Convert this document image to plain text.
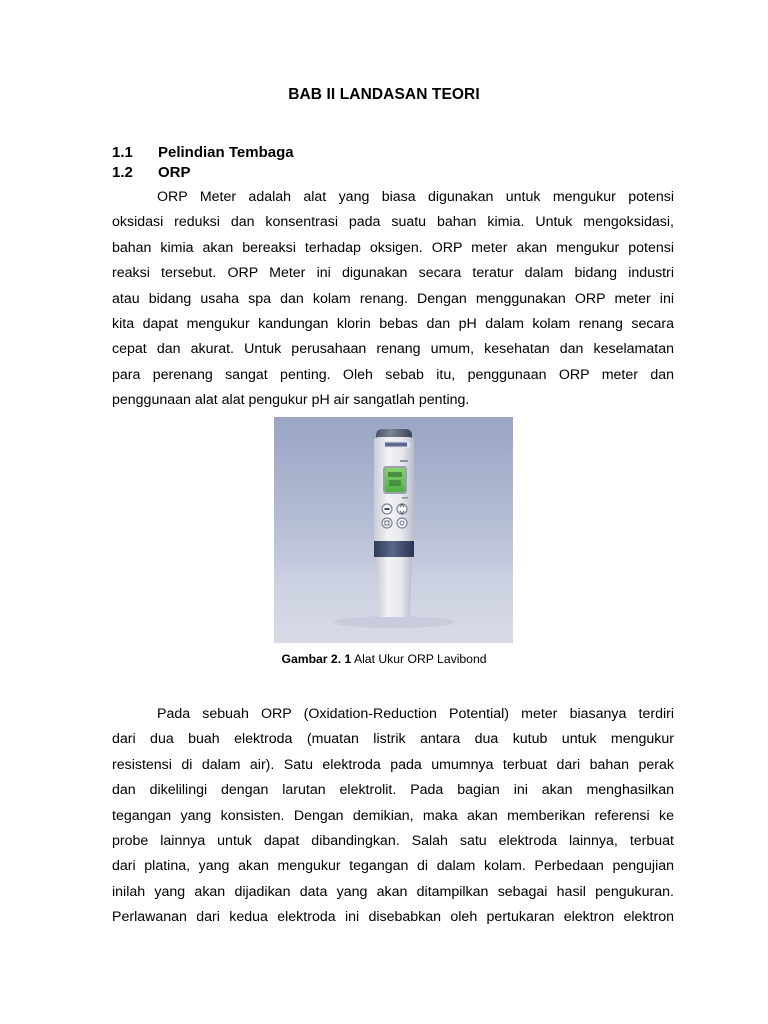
BAB II LANDASAN TEORI
1.1 Pelindian Tembaga
1.2 ORP
ORP Meter adalah alat yang biasa digunakan untuk mengukur potensi
oksidasi reduksi dan konsentrasi pada suatu bahan kimia. Untuk mengoksidasi,
bahan kimia akan bereaksi terhadap oksigen. ORP meter akan mengukur potensi
reaksi tersebut. ORP Meter ini digunakan secara teratur dalam bidang industri
atau bidang usaha spa dan kolam renang. Dengan menggunakan ORP meter ini
kita dapat mengukur kandungan klorin bebas dan pH dalam kolam renang secara
cepat dan akurat. Untuk perusahaan renang umum, kesehatan dan keselamatan
para perenang sangat penting. Oleh sebab itu, penggunaan ORP meter dan
penggunaan alat alat pengukur pH air sangatlah penting.
Gambar 2. 1 Alat Ukur ORP Lavibond
Pada sebuah ORP (Oxidation-Reduction Potential) meter biasanya terdiri
dari dua buah elektroda (muatan listrik antara dua kutub untuk mengukur
resistensi di dalam air). Satu elektroda pada umumnya terbuat dari bahan perak
dan dikelilingi dengan larutan elektrolit. Pada bagian ini akan menghasilkan
tegangan yang konsisten. Dengan demikian, maka akan memberikan referensi ke
probe lainnya untuk dapat dibandingkan. Salah satu elektroda lainnya, terbuat
dari platina, yang akan mengukur tegangan di dalam kolam. Perbedaan pengujian
inilah yang akan dijadikan data yang akan ditampilkan sebagai hasil pengukuran.
Perlawanan dari kedua elektroda ini disebabkan oleh pertukaran elektron elektron
